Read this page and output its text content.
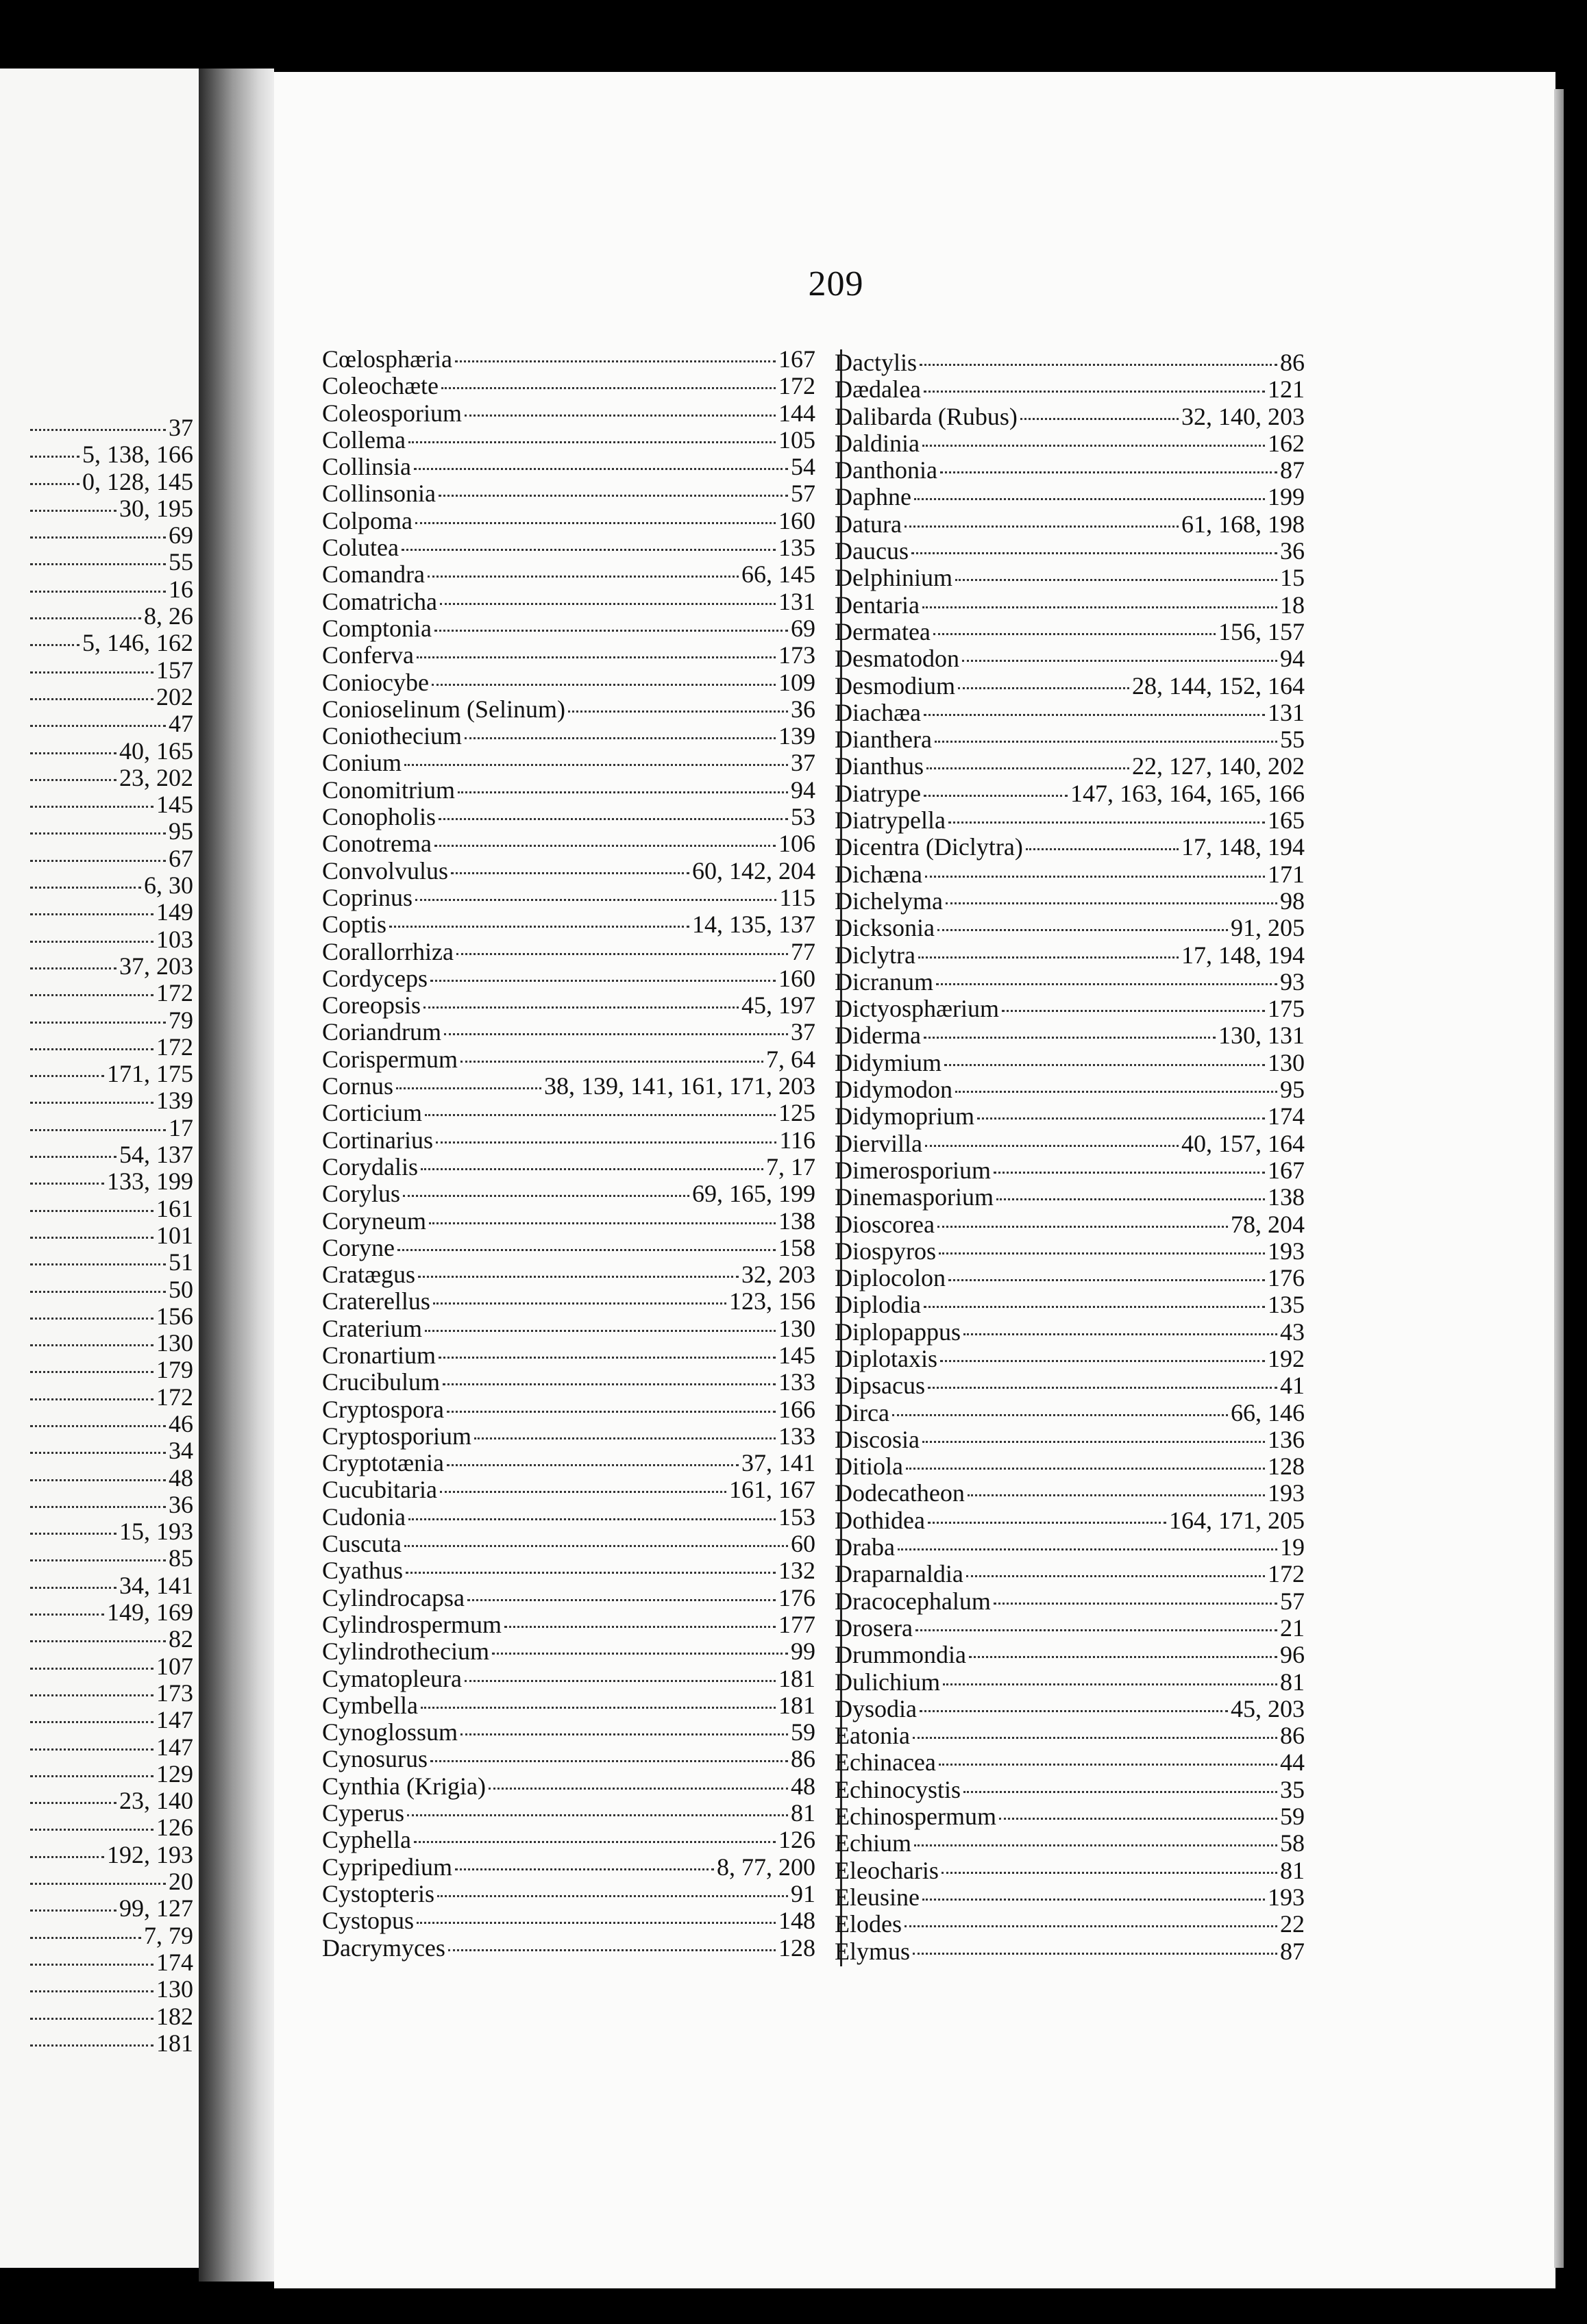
37
5, 138, 166
0, 128, 145
30, 195
69
55
16
8, 26
5, 146, 162
157
202
47
40, 165
23, 202
145
95
67
6, 30
149
103
37, 203
172
79
172
171, 175
139
17
54, 137
133, 199
161
101
51
50
156
130
179
172
46
34
48
36
15, 193
85
34, 141
149, 169
82
107
173
147
147
129
23, 140
126
192, 193
20
99, 127
7, 79
174
130
182
181
209
Cœlosphæria	167
Coleochæte	172
Coleosporium	144
Collema	105
Collinsia	54
Collinsonia	57
Colpoma	160
Colutea	135
Comandra	66, 145
Comatricha	131
Comptonia	69
Conferva	173
Coniocybe	109
Conioselinum (Selinum)	36
Coniothecium	139
Conium	37
Conomitrium	94
Conopholis	53
Conotrema	106
Convolvulus	60, 142, 204
Coprinus	115
Coptis	14, 135, 137
Corallorrhiza	77
Cordyceps	160
Coreopsis	45, 197
Coriandrum	37
Corispermum	7, 64
Cornus	38, 139, 141, 161, 171, 203
Corticium	125
Cortinarius	116
Corydalis	7, 17
Corylus	69, 165, 199
Coryneum	138
Coryne	158
Cratægus	32, 203
Craterellus	123, 156
Craterium	130
Cronartium	145
Crucibulum	133
Cryptospora	166
Cryptosporium	133
Cryptotænia	37, 141
Cucubitaria	161, 167
Cudonia	153
Cuscuta	60
Cyathus	132
Cylindrocapsa	176
Cylindrospermum	177
Cylindrothecium	99
Cymatopleura	181
Cymbella	181
Cynoglossum	59
Cynosurus	86
Cynthia (Krigia)	48
Cyperus	81
Cyphella	126
Cypripedium	8, 77, 200
Cystopteris	91
Cystopus	148
Dacrymyces	128
Dactylis	86
Dædalea	121
Dalibarda (Rubus)	32, 140, 203
Daldinia	162
Danthonia	87
Daphne	199
Datura	61, 168, 198
Daucus	36
Delphinium	15
Dentaria	18
Dermatea	156, 157
Desmatodon	94
Desmodium	28, 144, 152, 164
Diachæa	131
Dianthera	55
Dianthus	22, 127, 140, 202
Diatrype	147, 163, 164, 165, 166
Diatrypella	165
Dicentra (Diclytra)	17, 148, 194
Dichæna	171
Dichelyma	98
Dicksonia	91, 205
Diclytra	17, 148, 194
Dicranum	93
Dictyosphærium	175
Diderma	130, 131
Didymium	130
Didymodon	95
Didymoprium	174
Diervilla	40, 157, 164
Dimerosporium	167
Dinemasporium	138
Dioscorea	78, 204
Diospyros	193
Diplocolon	176
Diplodia	135
Diplopappus	43
Diplotaxis	192
Dipsacus	41
Dirca	66, 146
Discosia	136
Ditiola	128
Dodecatheon	193
Dothidea	164, 171, 205
Draba	19
Draparnaldia	172
Dracocephalum	57
Drosera	21
Drummondia	96
Dulichium	81
Dysodia	45, 203
Eatonia	86
Echinacea	44
Echinocystis	35
Echinospermum	59
Echium	58
Eleocharis	81
Eleusine	193
Elodes	22
Elymus	87
